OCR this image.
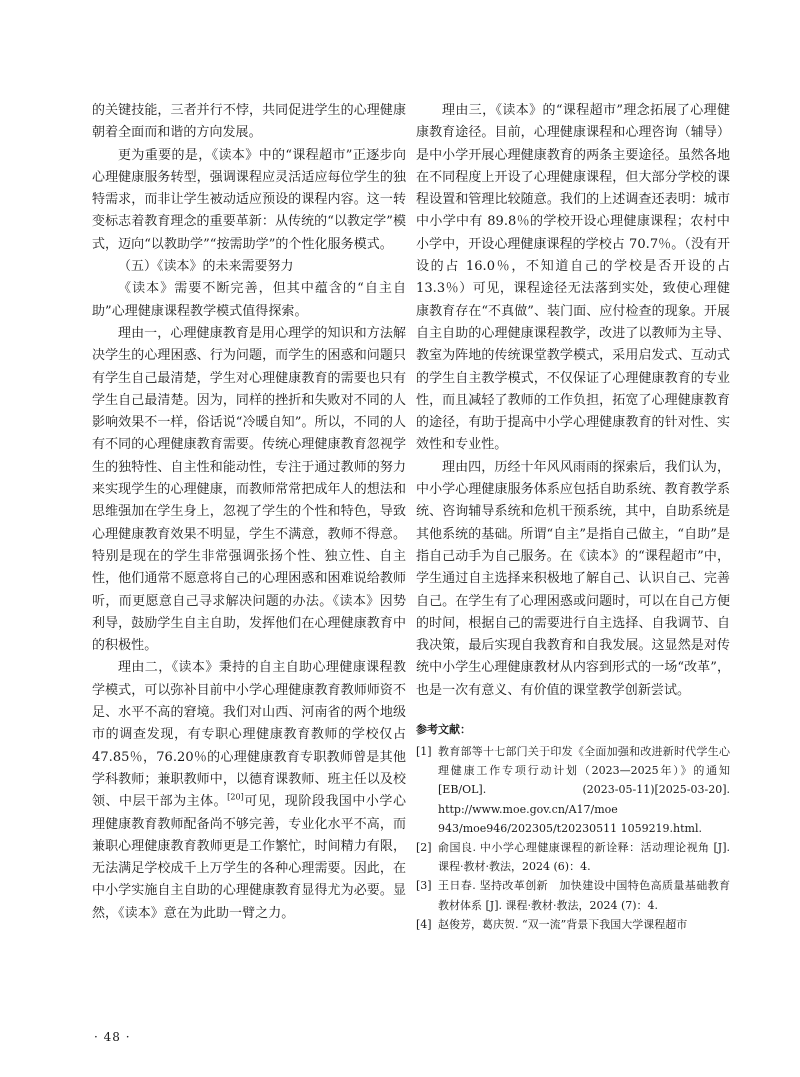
的关键技能，三者并行不悖，共同促进学生的心理健康朝着全面而和谐的方向发展。

更为重要的是，《读本》中的“课程超市”正逐步向心理健康服务转型，强调课程应灵活适应每位学生的独特需求，而非让学生被动适应预设的课程内容。这一转变标志着教育理念的重要革新：从传统的“以教定学”模式，迈向“以教助学”“按需助学”的个性化服务模式。

（五）《读本》的未来需要努力

《读本》需要不断完善，但其中蕴含的“自主自助”心理健康课程教学模式值得探索。

理由一，心理健康教育是用心理学的知识和方法解决学生的心理困惑、行为问题，而学生的困惑和问题只有学生自己最清楚，学生对心理健康教育的需要也只有学生自己最清楚。因为，同样的挫折和失败对不同的人影响效果不一样，俗话说“冷暖自知”。所以，不同的人有不同的心理健康教育需要。传统心理健康教育忽视学生的独特性、自主性和能动性，专注于通过教师的努力来实现学生的心理健康，而教师常常把成年人的想法和思维强加在学生身上，忽视了学生的个性和特色，导致心理健康教育效果不明显，学生不满意，教师不得意。特别是现在的学生非常强调张扬个性、独立性、自主性，他们通常不愿意将自己的心理困惑和困难说给教师听，而更愿意自己寻求解决问题的办法。《读本》因势利导，鼓励学生自主自助，发挥他们在心理健康教育中的积极性。

理由二，《读本》秉持的自主自助心理健康课程教学模式，可以弥补目前中小学心理健康教育教师师资不足、水平不高的窘境。我们对山西、河南省的两个地级市的调查发现，有专职心理健康教育教师的学校仅占 47.85％，76.20％的心理健康教育专职教师曾是其他学科教师；兼职教师中，以德育课教师、班主任以及校领、中层干部为主体。[20]可见，现阶段我国中小学心理健康教育教师配备尚不够完善，专业化水平不高，而兼职心理健康教育教师更是工作繁忙，时间精力有限，无法满足学校成千上万学生的各种心理需要。因此，在中小学实施自主自助的心理健康教育显得尤为必要。显然，《读本》意在为此助一臂之力。

理由三，《读本》的“课程超市”理念拓展了心理健康教育途径。目前，心理健康课程和心理咨询（辅导）是中小学开展心理健康教育的两条主要途径。虽然各地在不同程度上开设了心理健康课程，但大部分学校的课程设置和管理比较随意。我们的上述调查还表明：城市中小学中有 89.8％的学校开设心理健康课程；农村中小学中，开设心理健康课程的学校占 70.7％。（没有开设的占 16.0％，不知道自己的学校是否开设的占 13.3％）可见，课程途径无法落到实处，致使心理健康教育存在“不真做”、装门面、应付检查的现象。开展自主自助的心理健康课程教学，改进了以教师为主导、教室为阵地的传统课堂教学模式，采用启发式、互动式的学生自主教学模式，不仅保证了心理健康教育的专业性，而且减轻了教师的工作负担，拓宽了心理健康教育的途径，有助于提高中小学心理健康教育的针对性、实效性和专业性。

理由四，历经十年风风雨雨的探索后，我们认为，中小学心理健康服务体系应包括自助系统、教育教学系统、咨询辅导系统和危机干预系统，其中，自助系统是其他系统的基础。所谓“自主”是指自己做主，“自助”是指自己动手为自己服务。在《读本》的“课程超市”中，学生通过自主选择来积极地了解自己、认识自己、完善自己。在学生有了心理困惑或问题时，可以在自己方便的时间，根据自己的需要进行自主选择、自我调节、自我决策，最后实现自我教育和自我发展。这显然是对传统中小学生心理健康教材从内容到形式的一场“改革”，也是一次有意义、有价值的课堂教学创新尝试。

参考文献：
[1] 教育部等十七部门关于印发《全面加强和改进新时代学生心理健康工作专项行动计划（2023—2025年）》的通知 [EB/OL]. (2023-05-11)[2025-03-20]. http://www.moe.gov.cn/A17/moe 943/moe946/202305/t20230511 1059219.html.
[2] 俞国良. 中小学心理健康课程的新诠释：活动理论视角 [J]. 课程·教材·教法，2024 (6)：4.
[3] 王日春. 坚持改革创新　加快建设中国特色高质量基础教育教材体系 [J]. 课程·教材·教法，2024 (7)：4.
[4] 赵俊芳，葛庆贺. “双一流”背景下我国大学课程超市
· 48 ·
